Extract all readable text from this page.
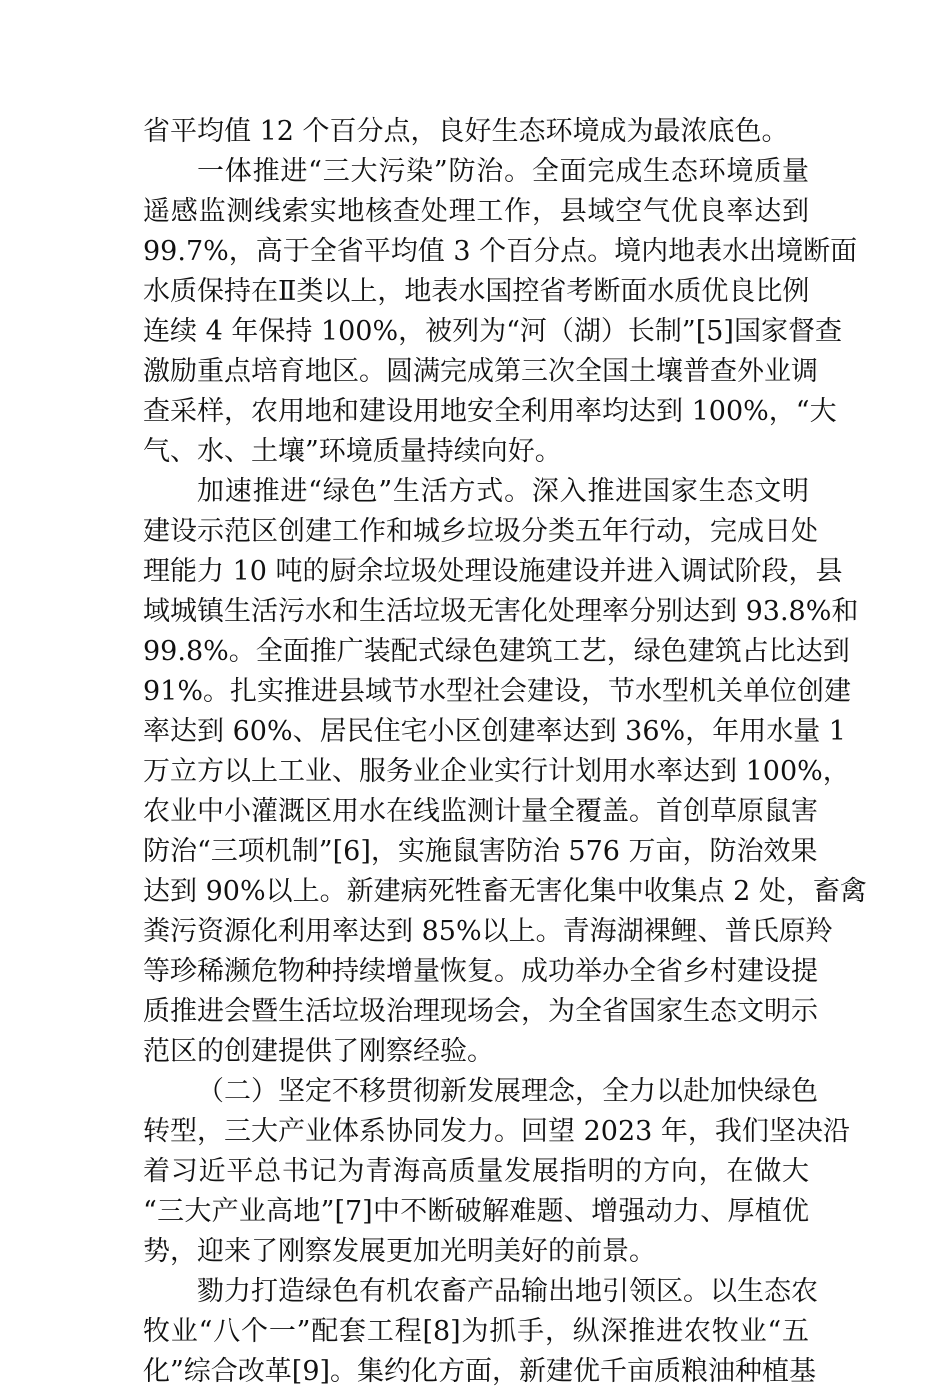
省平均值 12 个百分点，良好生态环境成为最浓底色。
一体推进“三大污染”防治。全面完成生态环境质量
遥感监测线索实地核查处理工作，县域空气优良率达到
99.7%，高于全省平均值 3 个百分点。境内地表水出境断面
水质保持在Ⅱ类以上，地表水国控省考断面水质优良比例
连续 4 年保持 100%，被列为“河（湖）长制”[5]国家督查
激励重点培育地区。圆满完成第三次全国土壤普查外业调
查采样，农用地和建设用地安全利用率均达到 100%，“大
气、水、土壤”环境质量持续向好。
加速推进“绿色”生活方式。深入推进国家生态文明
建设示范区创建工作和城乡垃圾分类五年行动，完成日处
理能力 10 吨的厨余垃圾处理设施建设并进入调试阶段，县
域城镇生活污水和生活垃圾无害化处理率分别达到 93.8%和
99.8%。全面推广装配式绿色建筑工艺，绿色建筑占比达到
91%。扎实推进县域节水型社会建设，节水型机关单位创建
率达到 60%、居民住宅小区创建率达到 36%，年用水量 1
万立方以上工业、服务业企业实行计划用水率达到 100%，
农业中小灌溉区用水在线监测计量全覆盖。首创草原鼠害
防治“三项机制”[6]，实施鼠害防治 576 万亩，防治效果
达到 90%以上。新建病死牲畜无害化集中收集点 2 处，畜禽
粪污资源化利用率达到 85%以上。青海湖裸鲤、普氏原羚
等珍稀濒危物种持续增量恢复。成功举办全省乡村建设提
质推进会暨生活垃圾治理现场会，为全省国家生态文明示
范区的创建提供了刚察经验。
（二）坚定不移贯彻新发展理念，全力以赴加快绿色
转型，三大产业体系协同发力。回望 2023 年，我们坚决沿
着习近平总书记为青海高质量发展指明的方向，在做大
“三大产业高地”[7]中不断破解难题、增强动力、厚植优
势，迎来了刚察发展更加光明美好的前景。
勠力打造绿色有机农畜产品输出地引领区。以生态农
牧业“八个一”配套工程[8]为抓手，纵深推进农牧业“五
化”综合改革[9]。集约化方面，新建优千亩质粮油种植基
